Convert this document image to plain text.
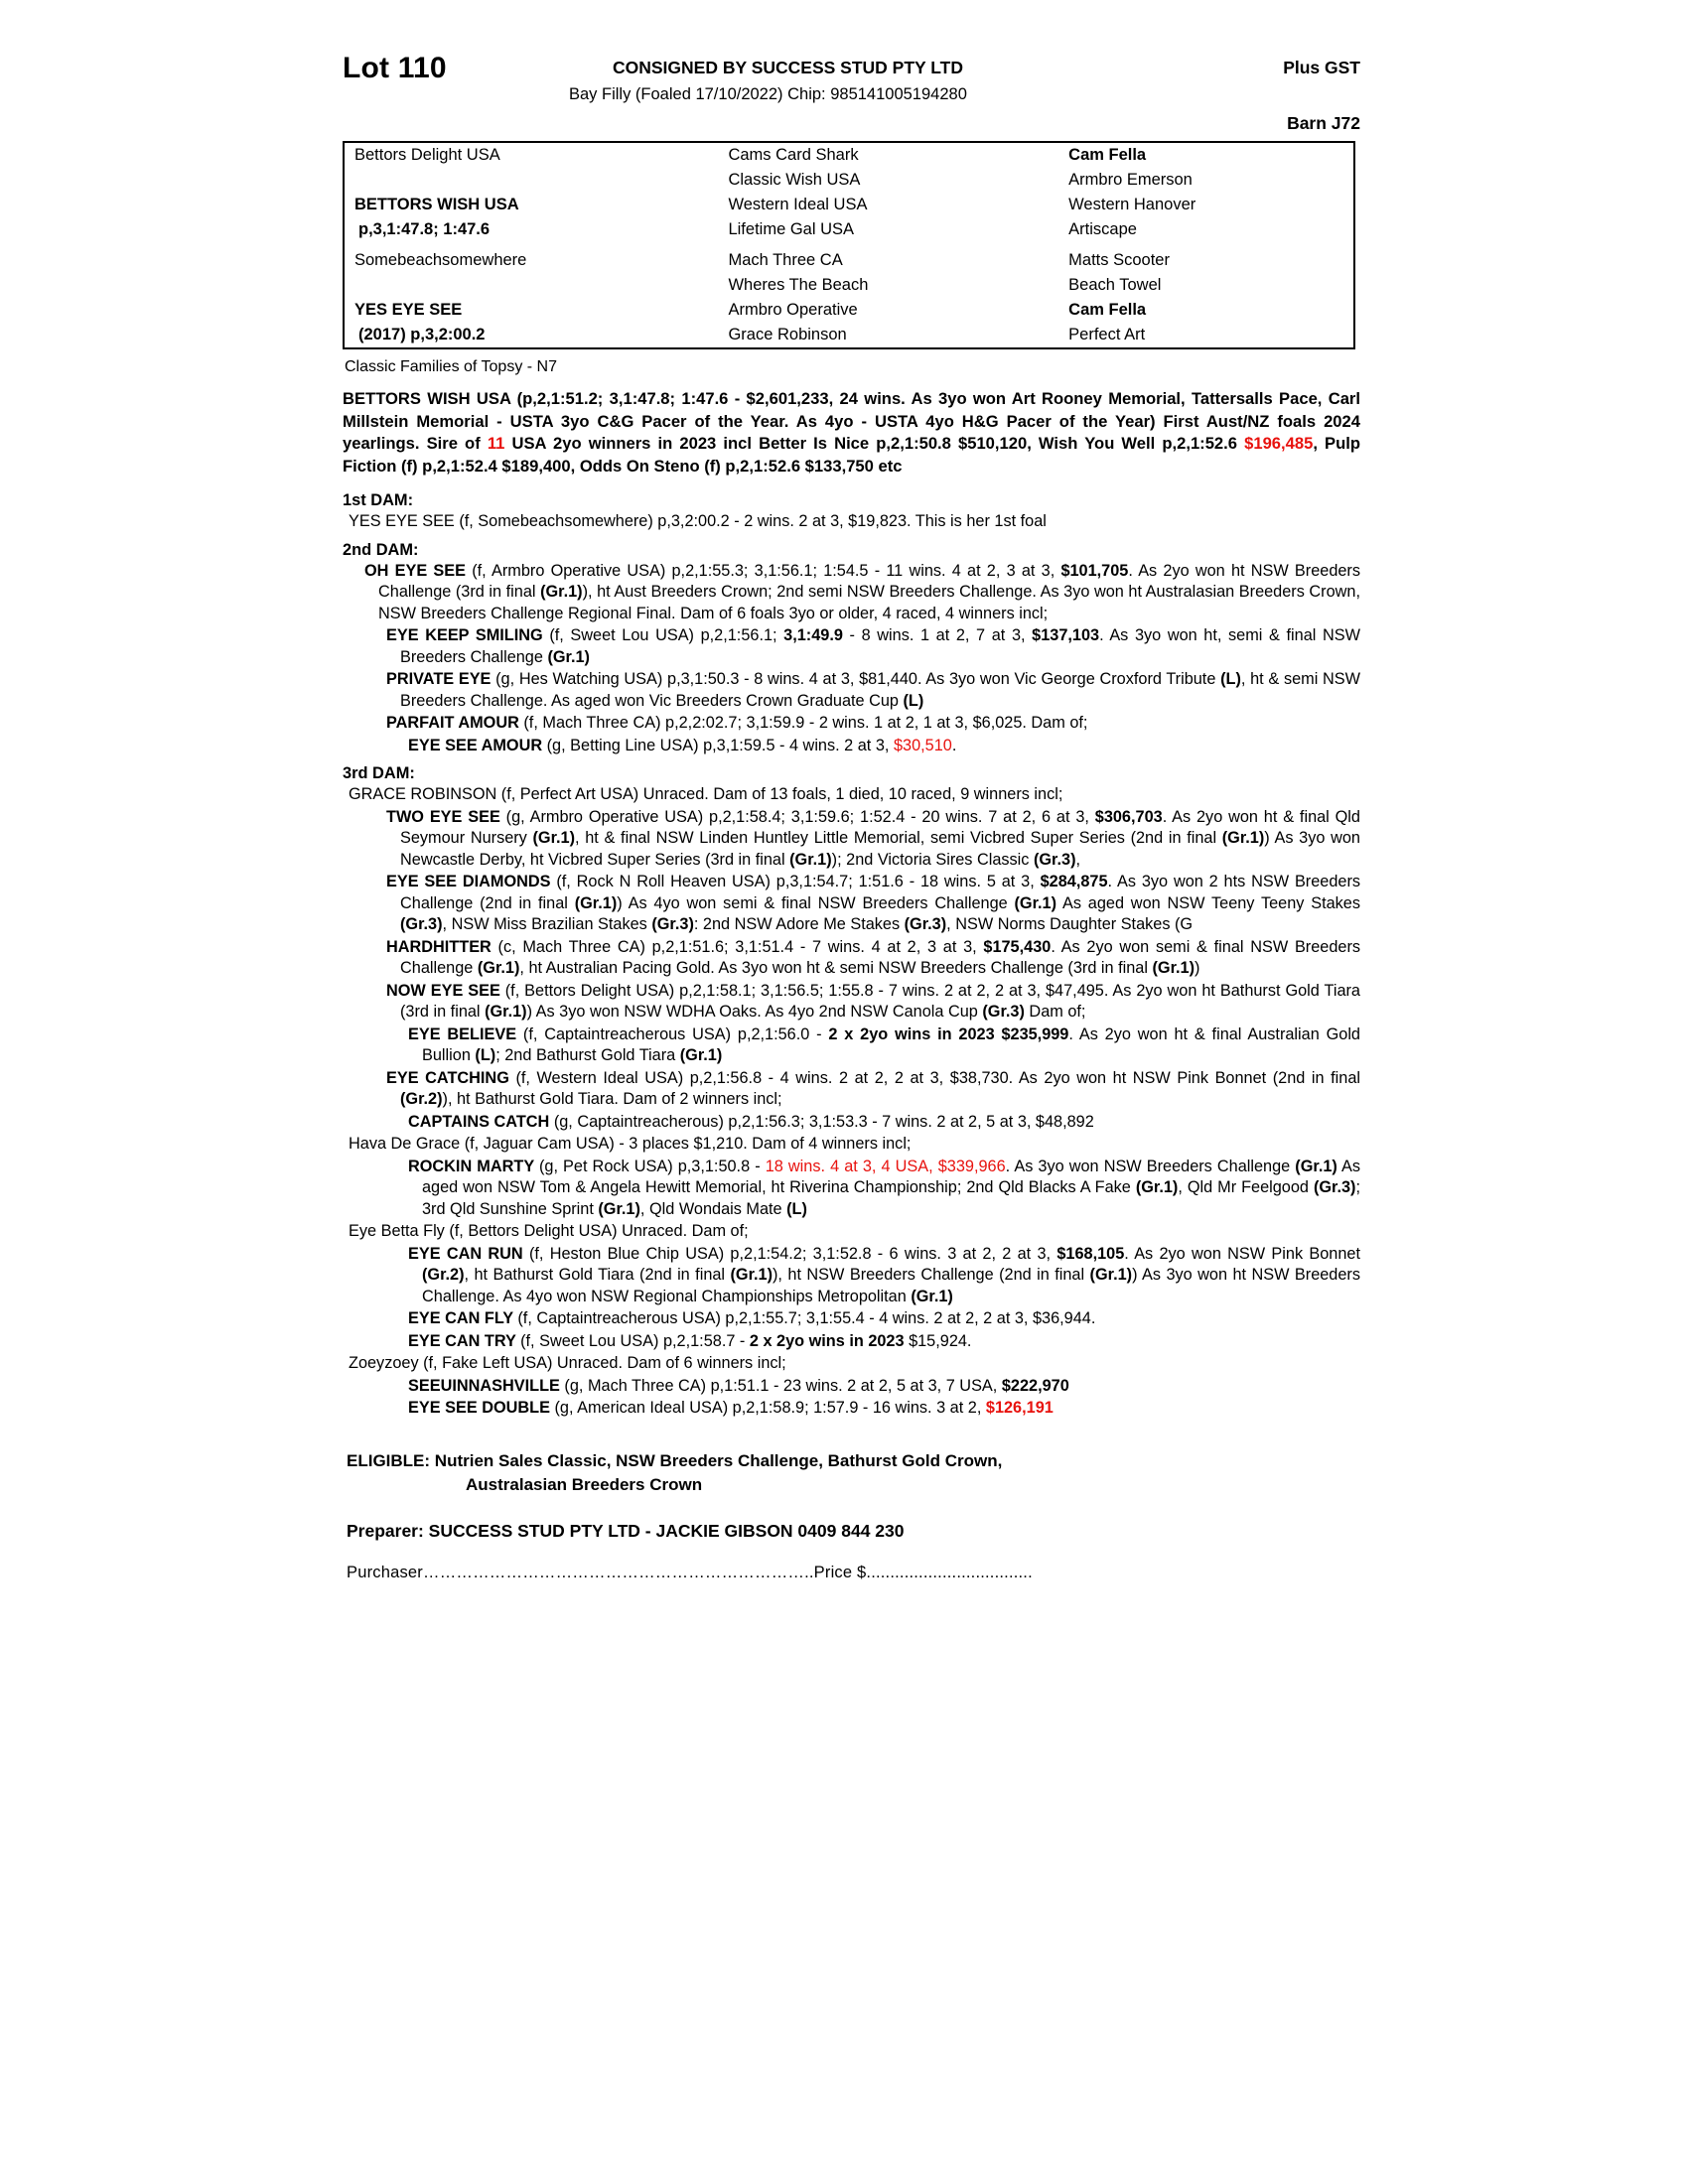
Lot 110	CONSIGNED BY SUCCESS STUD PTY LTD	Plus GST
Bay Filly (Foaled 17/10/2022) Chip: 985141005194280
Barn J72
Bettors Delight USA	Cams Card Shark	Cam Fella
	Classic Wish USA	Armbro Emerson
BETTORS WISH USA	Western Ideal USA	Western Hanover
p,3,1:47.8; 1:47.6	Lifetime Gal USA	Artiscape

Somebeachsomewhere	Mach Three CA	Matts Scooter
	Wheres The Beach	Beach Towel
YES EYE SEE	Armbro Operative	Cam Fella
(2017) p,3,2:00.2	Grace Robinson	Perfect Art
Classic Families of Topsy - N7
BETTORS WISH USA (p,2,1:51.2; 3,1:47.8; 1:47.6 - $2,601,233, 24 wins. As 3yo won Art Rooney Memorial, Tattersalls Pace, Carl Millstein Memorial - USTA 3yo C&G Pacer of the Year. As 4yo - USTA 4yo H&G Pacer of the Year) First Aust/NZ foals 2024 yearlings. Sire of 11 USA 2yo winners in 2023 incl Better Is Nice p,2,1:50.8 $510,120, Wish You Well p,2,1:52.6 $196,485, Pulp Fiction (f) p,2,1:52.4 $189,400, Odds On Steno (f) p,2,1:52.6 $133,750 etc
1st DAM:
YES EYE SEE (f, Somebeachsomewhere) p,3,2:00.2 - 2 wins. 2 at 3, $19,823. This is her 1st foal
2nd DAM:
OH EYE SEE (f, Armbro Operative USA) p,2,1:55.3; 3,1:56.1; 1:54.5 - 11 wins. 4 at 2, 3 at 3, $101,705. As 2yo won ht NSW Breeders Challenge (3rd in final (Gr.1)), ht Aust Breeders Crown; 2nd semi NSW Breeders Challenge. As 3yo won ht Australasian Breeders Crown, NSW Breeders Challenge Regional Final. Dam of 6 foals 3yo or older, 4 raced, 4 winners incl;
EYE KEEP SMILING (f, Sweet Lou USA) p,2,1:56.1; 3,1:49.9 - 8 wins. 1 at 2, 7 at 3, $137,103. As 3yo won ht, semi & final NSW Breeders Challenge (Gr.1)
PRIVATE EYE (g, Hes Watching USA) p,3,1:50.3 - 8 wins. 4 at 3, $81,440. As 3yo won Vic George Croxford Tribute (L), ht & semi NSW Breeders Challenge. As aged won Vic Breeders Crown Graduate Cup (L)
PARFAIT AMOUR (f, Mach Three CA) p,2,2:02.7; 3,1:59.9 - 2 wins. 1 at 2, 1 at 3, $6,025. Dam of;
EYE SEE AMOUR (g, Betting Line USA) p,3,1:59.5 - 4 wins. 2 at 3, $30,510.
3rd DAM:
GRACE ROBINSON (f, Perfect Art USA) Unraced. Dam of 13 foals, 1 died, 10 raced, 9 winners incl;
TWO EYE SEE (g, Armbro Operative USA) p,2,1:58.4; 3,1:59.6; 1:52.4 - 20 wins. 7 at 2, 6 at 3, $306,703. As 2yo won ht & final Qld Seymour Nursery (Gr.1), ht & final NSW Linden Huntley Little Memorial, semi Vicbred Super Series (2nd in final (Gr.1)) As 3yo won Newcastle Derby, ht Vicbred Super Series (3rd in final (Gr.1)); 2nd Victoria Sires Classic (Gr.3),
EYE SEE DIAMONDS (f, Rock N Roll Heaven USA) p,3,1:54.7; 1:51.6 - 18 wins. 5 at 3, $284,875. As 3yo won 2 hts NSW Breeders Challenge (2nd in final (Gr.1)) As 4yo won semi & final NSW Breeders Challenge (Gr.1) As aged won NSW Teeny Teeny Stakes (Gr.3), NSW Miss Brazilian Stakes (Gr.3): 2nd NSW Adore Me Stakes (Gr.3), NSW Norms Daughter Stakes (G
HARDHITTER (c, Mach Three CA) p,2,1:51.6; 3,1:51.4 - 7 wins. 4 at 2, 3 at 3, $175,430. As 2yo won semi & final NSW Breeders Challenge (Gr.1), ht Australian Pacing Gold. As 3yo won ht & semi NSW Breeders Challenge (3rd in final (Gr.1))
NOW EYE SEE (f, Bettors Delight USA) p,2,1:58.1; 3,1:56.5; 1:55.8 - 7 wins. 2 at 2, 2 at 3, $47,495. As 2yo won ht Bathurst Gold Tiara (3rd in final (Gr.1)) As 3yo won NSW WDHA Oaks. As 4yo 2nd NSW Canola Cup (Gr.3) Dam of;
EYE BELIEVE (f, Captaintreacherous USA) p,2,1:56.0 - 2 x 2yo wins in 2023 $235,999. As 2yo won ht & final Australian Gold Bullion (L); 2nd Bathurst Gold Tiara (Gr.1)
EYE CATCHING (f, Western Ideal USA) p,2,1:56.8 - 4 wins. 2 at 2, 2 at 3, $38,730. As 2yo won ht NSW Pink Bonnet (2nd in final (Gr.2)), ht Bathurst Gold Tiara. Dam of 2 winners incl;
CAPTAINS CATCH (g, Captaintreacherous) p,2,1:56.3; 3,1:53.3 - 7 wins. 2 at 2, 5 at 3, $48,892
Hava De Grace (f, Jaguar Cam USA) - 3 places $1,210. Dam of 4 winners incl;
ROCKIN MARTY (g, Pet Rock USA) p,3,1:50.8 - 18 wins. 4 at 3, 4 USA, $339,966. As 3yo won NSW Breeders Challenge (Gr.1) As aged won NSW Tom & Angela Hewitt Memorial, ht Riverina Championship; 2nd Qld Blacks A Fake (Gr.1), Qld Mr Feelgood (Gr.3); 3rd Qld Sunshine Sprint (Gr.1), Qld Wondais Mate (L)
Eye Betta Fly (f, Bettors Delight USA) Unraced. Dam of;
EYE CAN RUN (f, Heston Blue Chip USA) p,2,1:54.2; 3,1:52.8 - 6 wins. 3 at 2, 2 at 3, $168,105. As 2yo won NSW Pink Bonnet (Gr.2), ht Bathurst Gold Tiara (2nd in final (Gr.1)), ht NSW Breeders Challenge (2nd in final (Gr.1)) As 3yo won ht NSW Breeders Challenge. As 4yo won NSW Regional Championships Metropolitan (Gr.1)
EYE CAN FLY (f, Captaintreacherous USA) p,2,1:55.7; 3,1:55.4 - 4 wins. 2 at 2, 2 at 3, $36,944.
EYE CAN TRY (f, Sweet Lou USA) p,2,1:58.7 - 2 x 2yo wins in 2023 $15,924.
Zoeyzoey (f, Fake Left USA) Unraced. Dam of 6 winners incl;
SEEUINNASHVILLE (g, Mach Three CA) p,1:51.1 - 23 wins. 2 at 2, 5 at 3, 7 USA, $222,970
EYE SEE DOUBLE (g, American Ideal USA) p,2,1:58.9; 1:57.9 - 16 wins. 3 at 2, $126,191
ELIGIBLE: Nutrien Sales Classic, NSW Breeders Challenge, Bathurst Gold Crown,
Australasian Breeders Crown
Preparer: SUCCESS STUD PTY LTD - JACKIE GIBSON 0409 844 230
Purchaser……………………………………………………………..Price $...................................
